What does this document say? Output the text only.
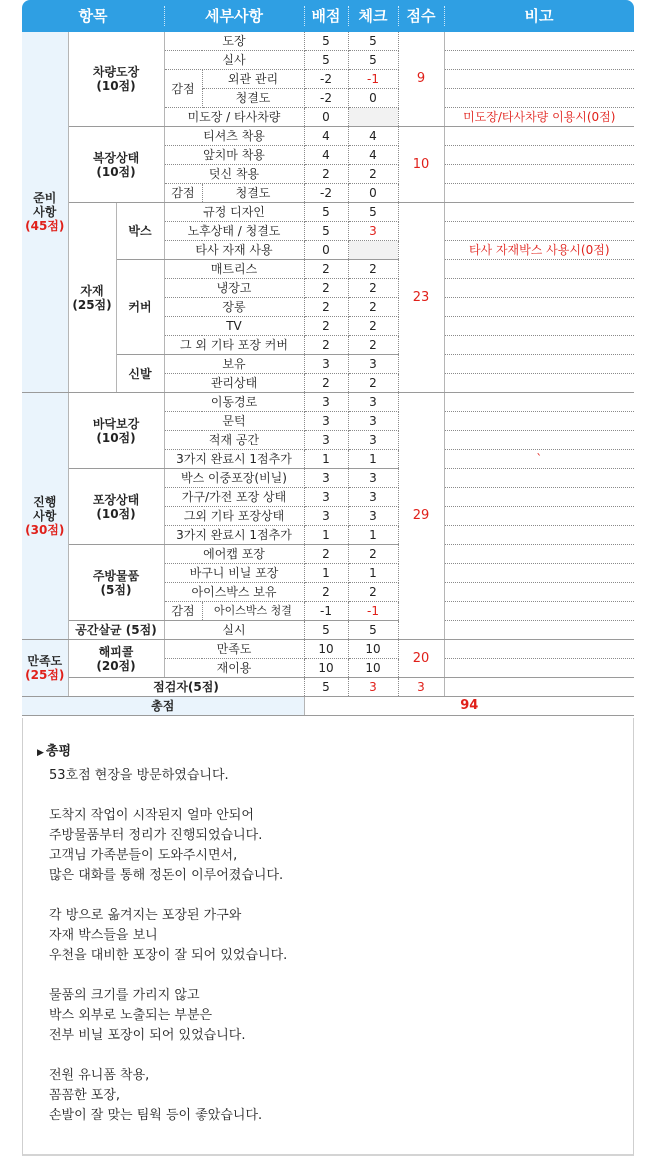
항목	세부사항	배점	체크	점수	비고
준비
사항
(45점)	차량도장
(10점)		도장		5	5	9	
			실사		5	5		
			감점	외관 관리	-2	-1		
				청결도	-2	0		
			미도장 / 타사차량		0			미도장/타사차량 이용시(0점)
	복장상태
(10점)		티셔츠 착용		4	4	10	
			앞치마 착용		4	4		
			덧신 착용		2	2		
			감점	청결도	-2	0		
	자재
(25점)	박스	규정 디자인		5	5	23	
			노후상태 / 청결도		5	3		
			타사 자재 사용		0			타사 자재박스 사용시(0점)
		커버	매트리스		2	2		
			냉장고		2	2		
			장롱		2	2		
			TV		2	2		
			그 외 기타 포장 커버		2	2		
		신발	보유		3	3		
			관리상태		2	2		

진행
사항
(30점)	바닥보강
(10점)		이동경로		3	3	29	
			문턱		3	3		
			적재 공간		3	3		
			3가지 완료시 1점추가		1	1		`
	포장상태
(10점)		박스 이중포장(비닐)		3	3		
			가구/가전 포장 상태		3	3		
			그외 기타 포장상태		3	3		
			3가지 완료시 1점추가		1	1		
	주방물품
(5점)		에어캡 포장		2	2		
			바구니 비닐 포장		1	1		
			아이스박스 보유		2	2		
			감점	아이스박스 청결	-1	-1		
	공간살균 (5점)		실시		5	5		
만족도
(25점)	해피콜
(20점)		만족도		10	10	20	
			재이용		10	10		
	점검자(5점)				5	3	3	
총점					94			
▶ 총평
53호점 현장을 방문하였습니다.

도착지 작업이 시작된지 얼마 안되어
주방물품부터 정리가 진행되었습니다.
고객님 가족분들이 도와주시면서,
많은 대화를 통해 정돈이 이루어졌습니다.

각 방으로 옮겨지는 포장된 가구와
자재 박스들을 보니
우천을 대비한 포장이 잘 되어 있었습니다.

물품의 크기를 가리지 않고
박스 외부로 노출되는 부분은
전부 비닐 포장이 되어 있었습니다.

전원 유니폼 착용,
꼼꼼한 포장,
손발이 잘 맞는 팀웍 등이 좋았습니다.
